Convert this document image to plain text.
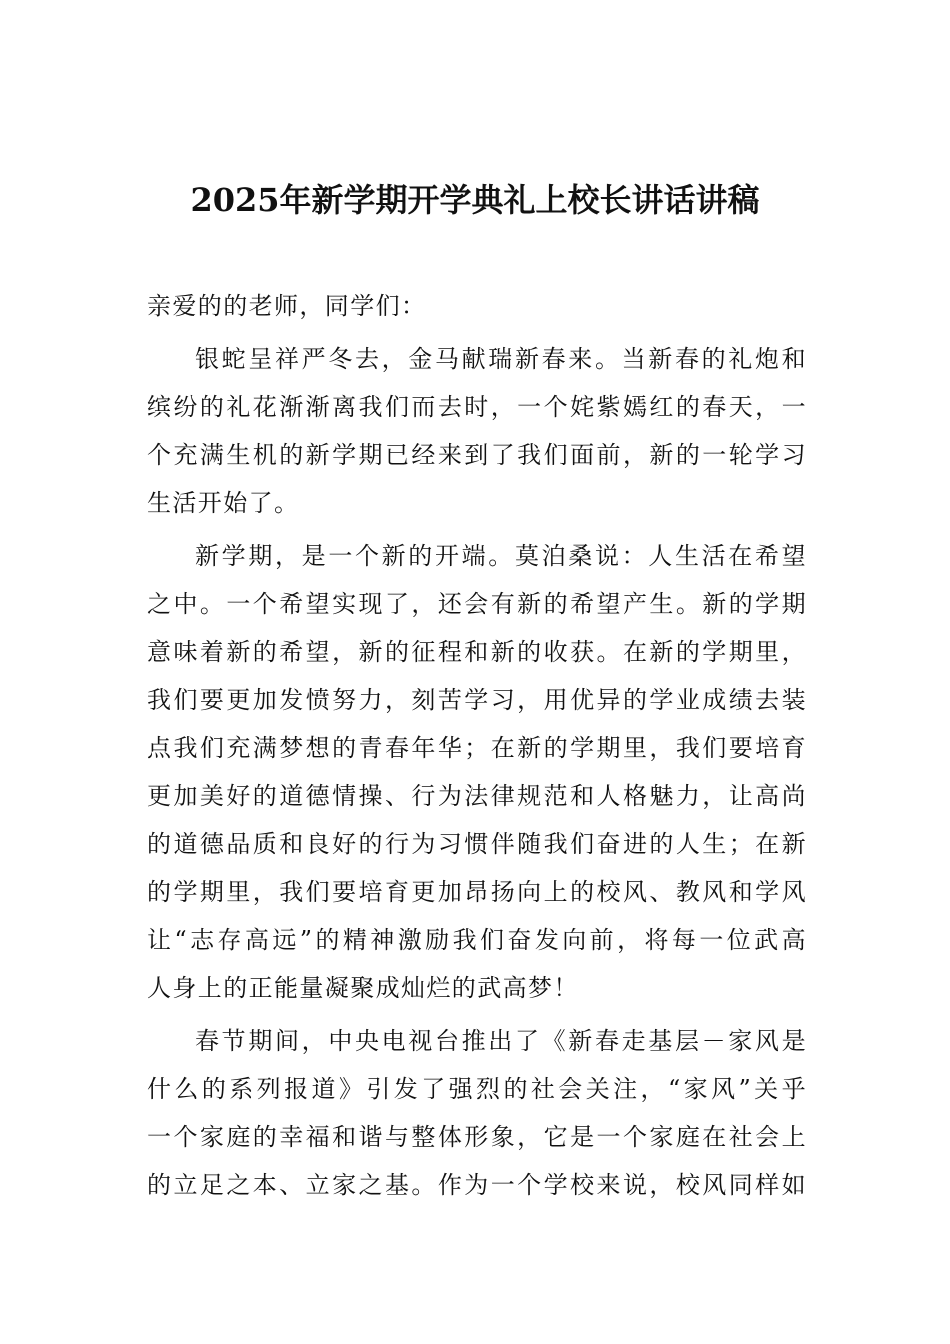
2025年新学期开学典礼上校长讲话讲稿
亲爱的的老师，同学们：
银蛇呈祥严冬去，金马献瑞新春来。当新春的礼炮和
缤纷的礼花渐渐离我们而去时，一个姹紫嫣红的春天，一
个充满生机的新学期已经来到了我们面前，新的一轮学习
生活开始了。
新学期，是一个新的开端。莫泊桑说：人生活在希望
之中。一个希望实现了，还会有新的希望产生。新的学期
意味着新的希望，新的征程和新的收获。在新的学期里，
我们要更加发愤努力，刻苦学习，用优异的学业成绩去装
点我们充满梦想的青春年华；在新的学期里，我们要培育
更加美好的道德情操、行为法律规范和人格魅力，让高尚
的道德品质和良好的行为习惯伴随我们奋进的人生；在新
的学期里，我们要培育更加昂扬向上的校风、教风和学风
让“志存高远”的精神激励我们奋发向前，将每一位武高
人身上的正能量凝聚成灿烂的武高梦！
春节期间，中央电视台推出了《新春走基层－家风是
什么的系列报道》引发了强烈的社会关注，“家风”关乎
一个家庭的幸福和谐与整体形象，它是一个家庭在社会上
的立足之本、立家之基。作为一个学校来说，校风同样如
